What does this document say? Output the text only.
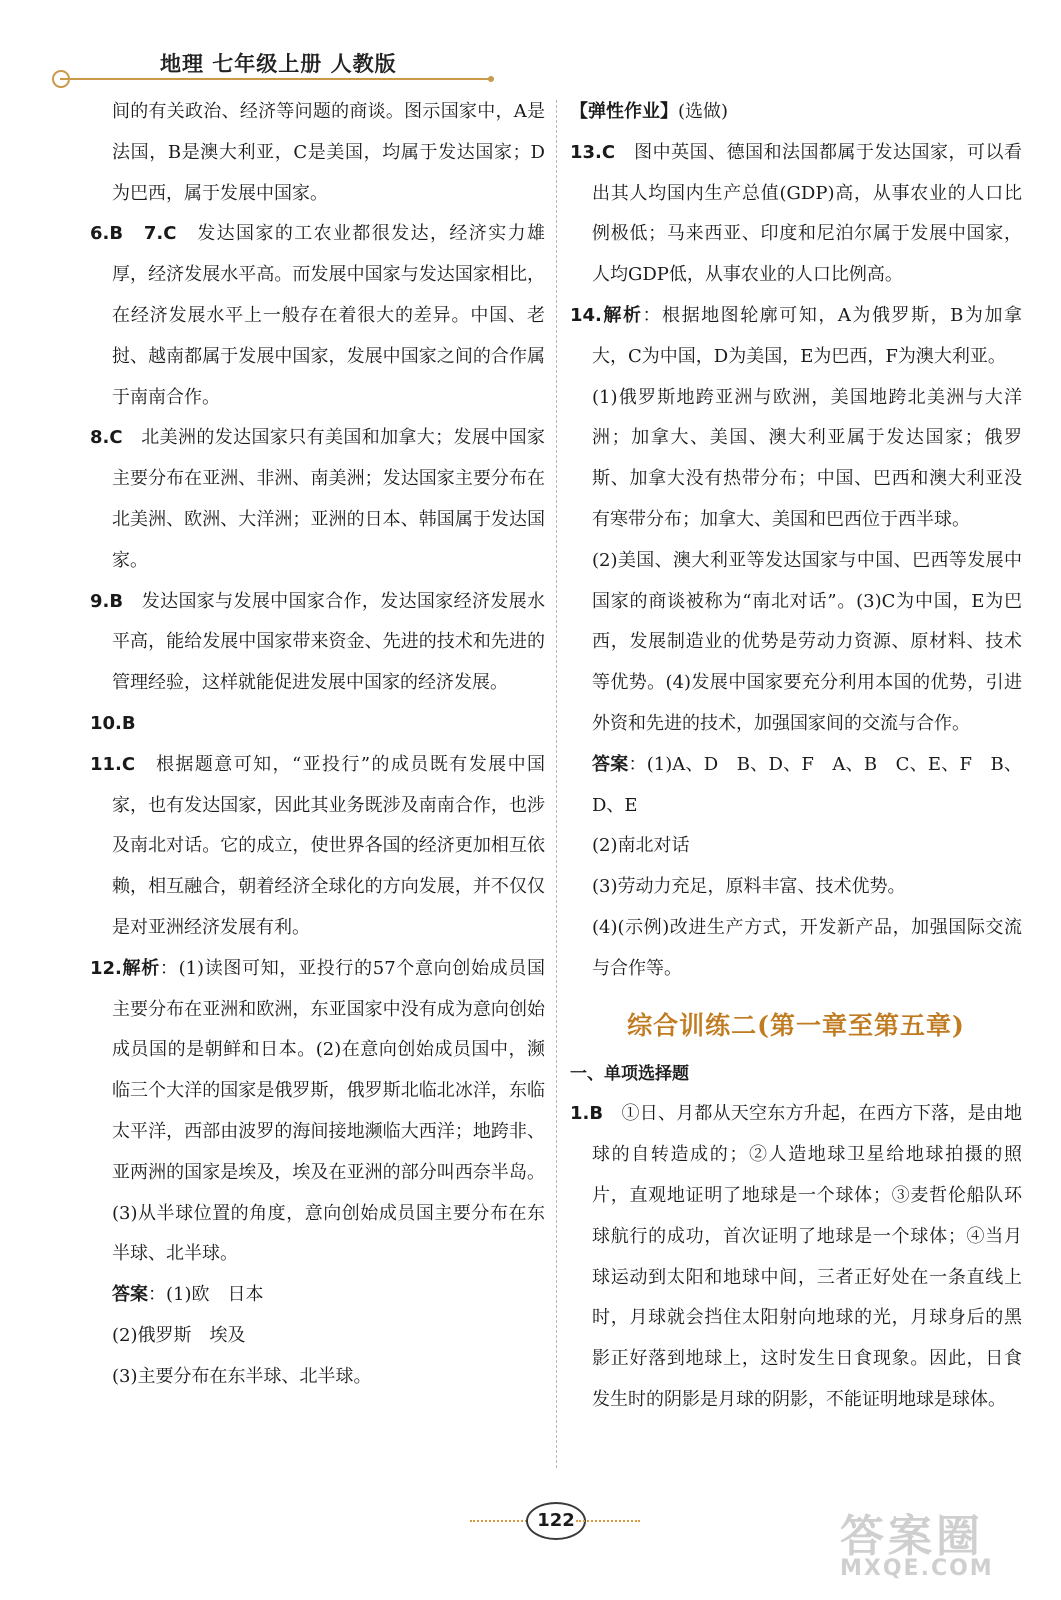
地理 七年级上册 人教版

间的有关政治、经济等问题的商谈。图示国家中，A是法国，B是澳大利亚，C是美国，均属于发达国家；D为巴西，属于发展中国家。

6.B　 7.C　发达国家的工农业都很发达，经济实力雄厚，经济发展水平高。而发展中国家与发达国家相比，在经济发展水平上一般存在着很大的差异。中国、老挝、越南都属于发展中国家，发展中国家之间的合作属于南南合作。

8.C　北美洲的发达国家只有美国和加拿大；发展中国家主要分布在亚洲、非洲、南美洲；发达国家主要分布在北美洲、欧洲、大洋洲；亚洲的日本、韩国属于发达国家。

9.B　发达国家与发展中国家合作，发达国家经济发展水平高，能给发展中国家带来资金、先进的技术和先进的管理经验，这样就能促进发展中国家的经济发展。

10.B

11.C　根据题意可知，“亚投行”的成员既有发展中国家，也有发达国家，因此其业务既涉及南南合作，也涉及南北对话。它的成立，使世界各国的经济更加相互依赖，相互融合，朝着经济全球化的方向发展，并不仅仅是对亚洲经济发展有利。

12.解析：(1)读图可知，亚投行的57个意向创始成员国主要分布在亚洲和欧洲，东亚国家中没有成为意向创始成员国的是朝鲜和日本。(2)在意向创始成员国中，濒临三个大洋的国家是俄罗斯，俄罗斯北临北冰洋，东临太平洋，西部由波罗的海间接地濒临大西洋；地跨非、亚两洲的国家是埃及，埃及在亚洲的部分叫西奈半岛。(3)从半球位置的角度，意向创始成员国主要分布在东半球、北半球。

答案：(1)欧　日本

(2)俄罗斯　埃及

(3)主要分布在东半球、北半球。

【弹性作业】(选做)

13.C　图中英国、德国和法国都属于发达国家，可以看出其人均国内生产总值(GDP)高，从事农业的人口比例极低；马来西亚、印度和尼泊尔属于发展中国家，人均GDP低，从事农业的人口比例高。

14.解析：根据地图轮廓可知，A为俄罗斯，B为加拿大，C为中国，D为美国，E为巴西，F为澳大利亚。

(1)俄罗斯地跨亚洲与欧洲，美国地跨北美洲与大洋洲；加拿大、美国、澳大利亚属于发达国家；俄罗斯、加拿大没有热带分布；中国、巴西和澳大利亚没有寒带分布；加拿大、美国和巴西位于西半球。

(2)美国、澳大利亚等发达国家与中国、巴西等发展中国家的商谈被称为“南北对话”。(3)C为中国，E为巴西，发展制造业的优势是劳动力资源、原材料、技术等优势。(4)发展中国家要充分利用本国的优势，引进外资和先进的技术，加强国家间的交流与合作。

答案：(1)A、D　B、D、F　A、B　C、E、F　B、D、E

(2)南北对话

(3)劳动力充足，原料丰富、技术优势。

(4)(示例)改进生产方式，开发新产品，加强国际交流与合作等。

综合训练二(第一章至第五章)
一、单项选择题

1.B　①日、月都从天空东方升起，在西方下落，是由地球的自转造成的；②人造地球卫星给地球拍摄的照片，直观地证明了地球是一个球体；③麦哲伦船队环球航行的成功，首次证明了地球是一个球体；④当月球运动到太阳和地球中间，三者正好处在一条直线上时，月球就会挡住太阳射向地球的光，月球身后的黑影正好落到地球上，这时发生日食现象。因此，日食发生时的阴影是月球的阴影，不能证明地球是球体。

122	答案圈
MXQE.COM
